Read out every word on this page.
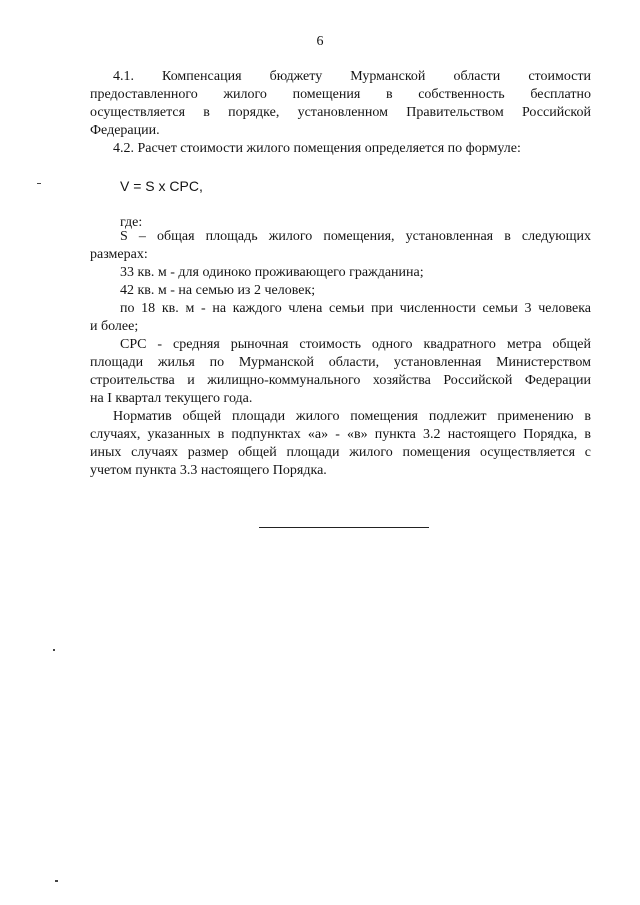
6
4.1. Компенсация бюджету Мурманской области стоимости
предоставленного жилого помещения в собственность бесплатно
осуществляется в порядке, установленном Правительством Российской
Федерации.
4.2. Расчет стоимости жилого помещения определяется по формуле:
V = S x CPC,
где:
S – общая площадь жилого помещения, установленная в следующих
размерах:
33 кв. м - для одиноко проживающего гражданина;
42 кв. м - на семью из 2 человек;
по 18 кв. м - на каждого члена семьи при численности семьи 3 человека
и более;
CPC - средняя рыночная стоимость одного квадратного метра общей
площади жилья по Мурманской области, установленная Министерством
строительства и жилищно-коммунального хозяйства Российской Федерации
на I квартал текущего года.
Норматив общей площади жилого помещения подлежит применению в
случаях, указанных в подпунктах «а» - «в» пункта 3.2 настоящего Порядка, в
иных случаях размер общей площади жилого помещения осуществляется с
учетом пункта 3.3 настоящего Порядка.
